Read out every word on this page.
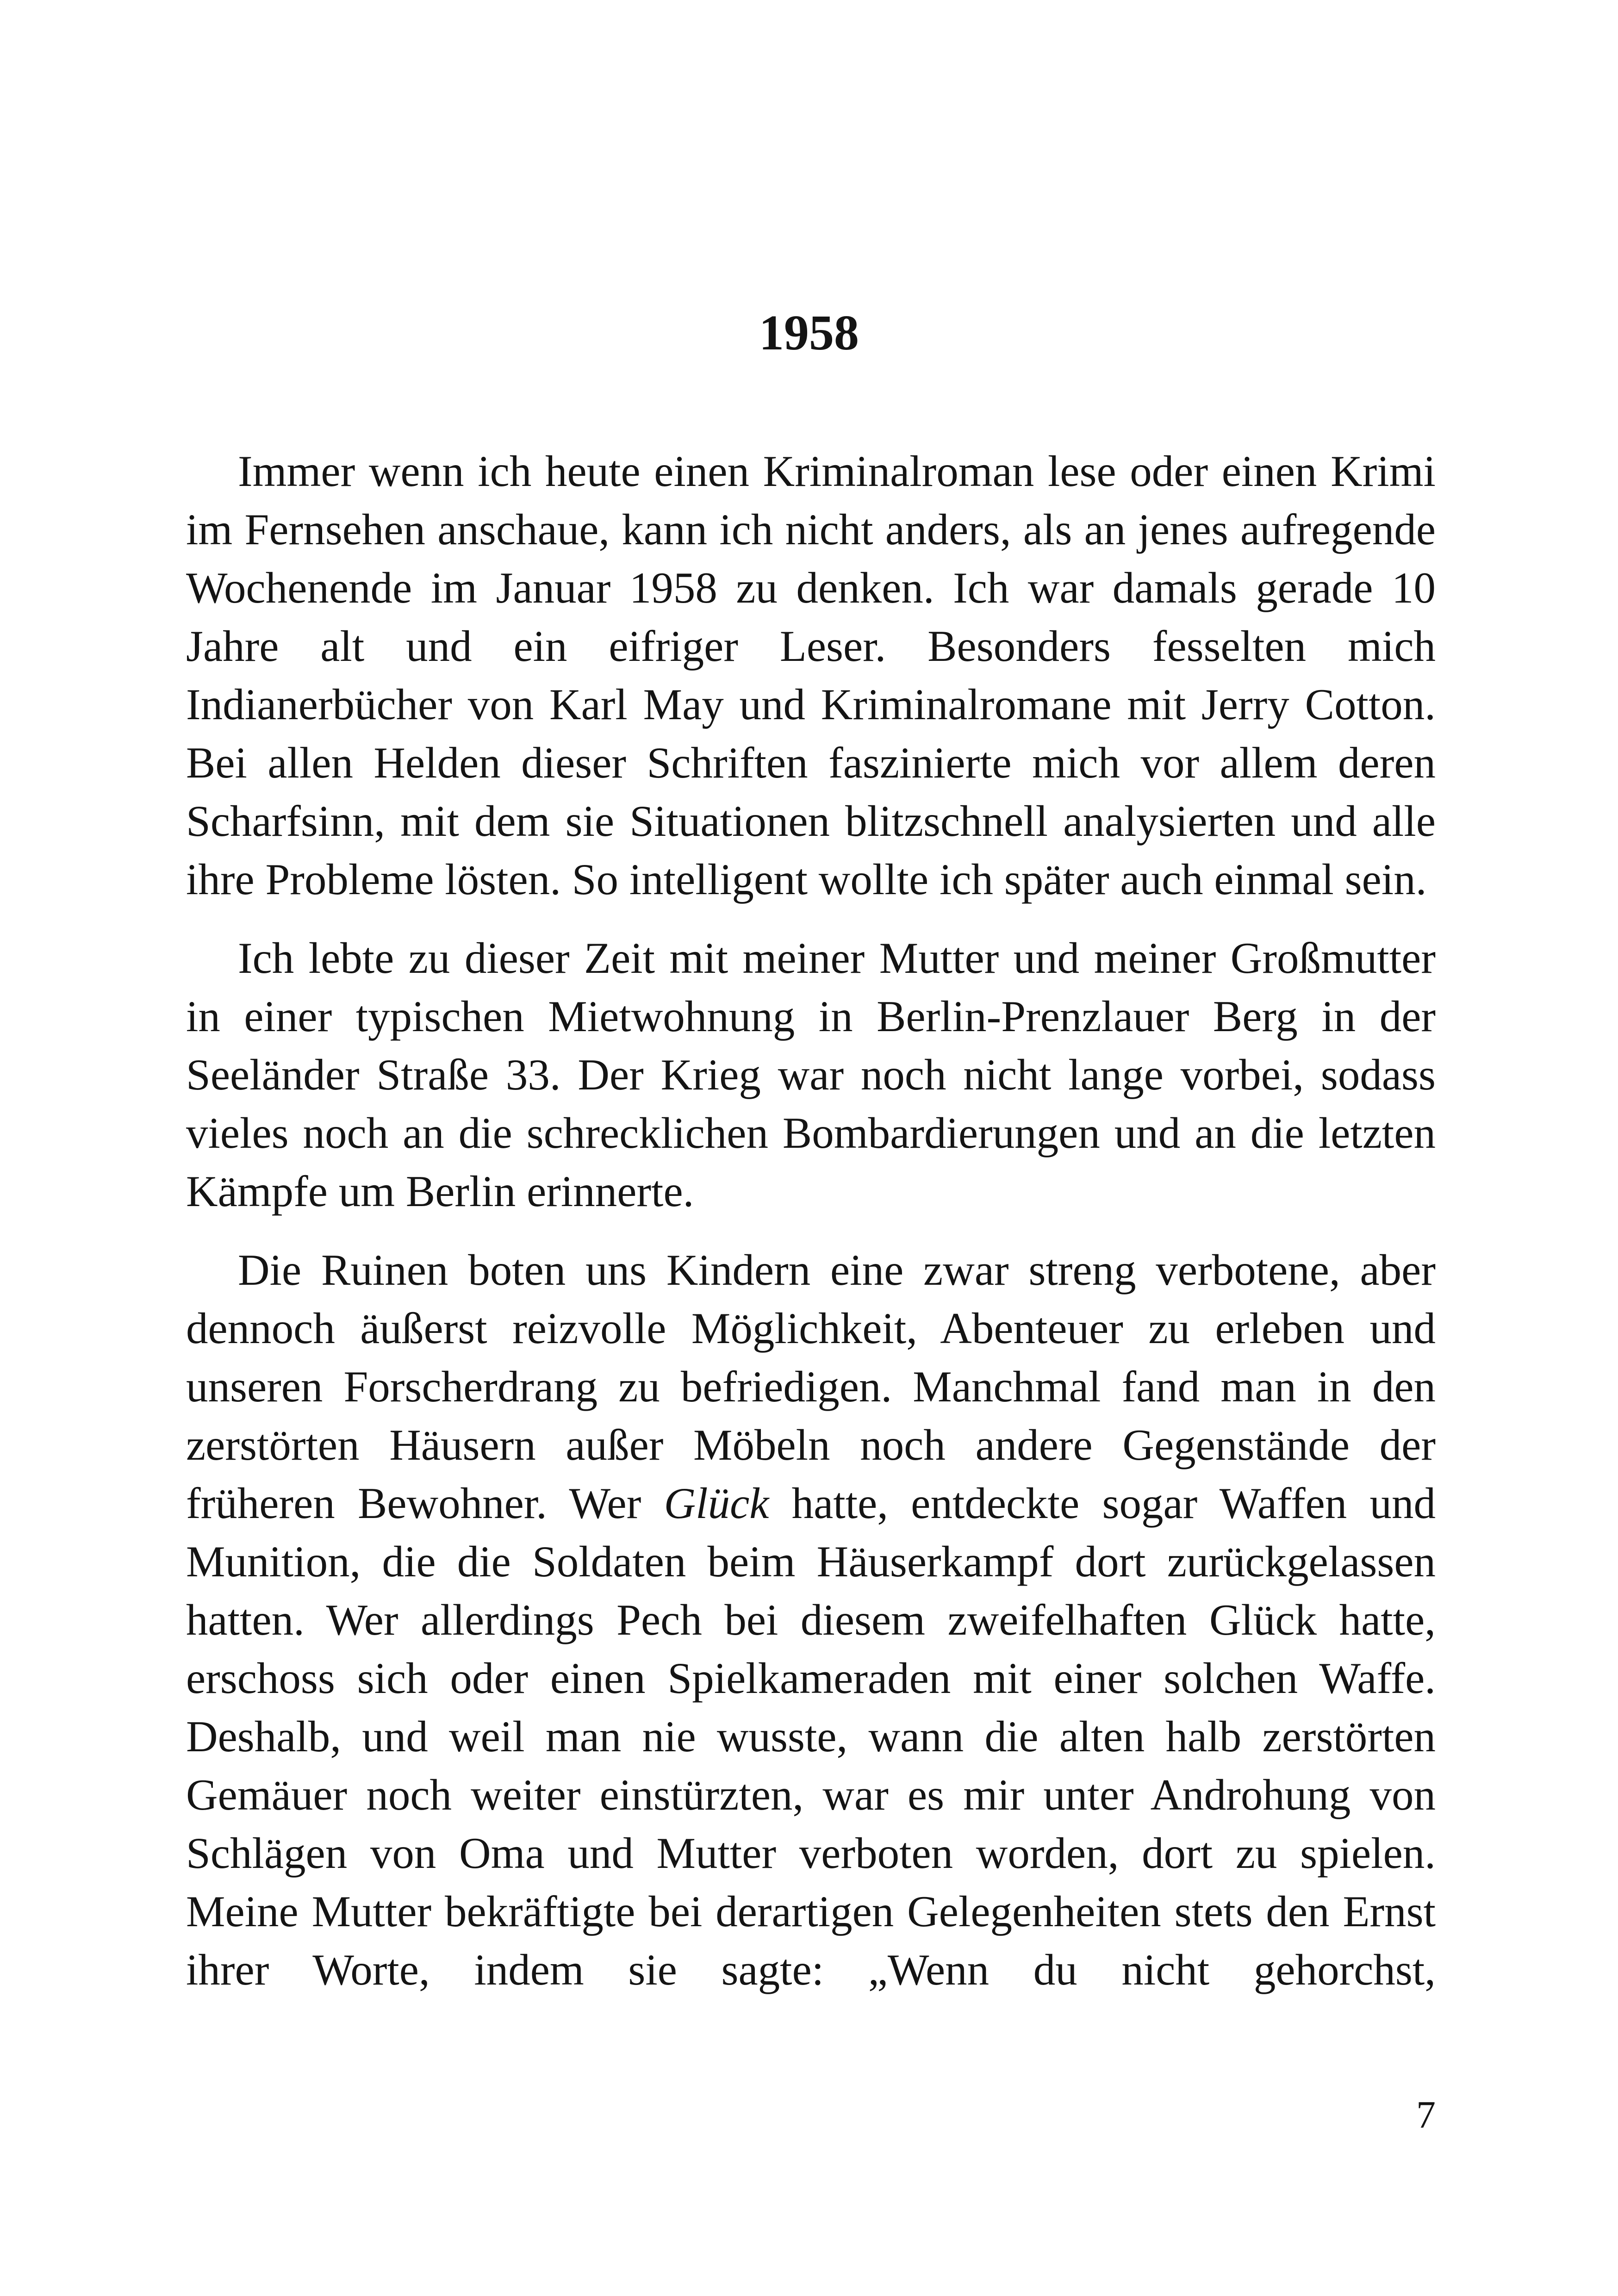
1958

Immer wenn ich heute einen Kriminalroman lese oder einen Krimi im Fernsehen anschaue, kann ich nicht anders, als an jenes aufregende Wochenende im Januar 1958 zu denken. Ich war damals gerade 10 Jahre alt und ein eifriger Leser. Besonders fesselten mich Indianerbücher von Karl May und Kriminalromane mit Jerry Cotton. Bei allen Helden dieser Schriften faszinierte mich vor allem deren Scharfsinn, mit dem sie Situationen blitzschnell analysierten und alle ihre Probleme lösten. So intelligent wollte ich später auch einmal sein.

Ich lebte zu dieser Zeit mit meiner Mutter und meiner Großmutter in einer typischen Mietwohnung in Berlin-Prenzlauer Berg in der Seeländer Straße 33. Der Krieg war noch nicht lange vorbei, sodass vieles noch an die schrecklichen Bombardierungen und an die letzten Kämpfe um Berlin erinnerte.

Die Ruinen boten uns Kindern eine zwar streng verbotene, aber dennoch äußerst reizvolle Möglichkeit, Abenteuer zu erleben und unseren Forscherdrang zu befriedigen. Manchmal fand man in den zerstörten Häusern außer Möbeln noch andere Gegenstände der früheren Bewohner. Wer Glück hatte, entdeckte sogar Waffen und Munition, die die Soldaten beim Häuserkampf dort zurückgelassen hatten. Wer allerdings Pech bei diesem zweifelhaften Glück hatte, erschoss sich oder einen Spielkameraden mit einer solchen Waffe. Deshalb, und weil man nie wusste, wann die alten halb zerstörten Gemäuer noch weiter einstürzten, war es mir unter Androhung von Schlägen von Oma und Mutter verboten worden, dort zu spielen. Meine Mutter bekräftigte bei derartigen Gelegenheiten stets den Ernst ihrer Worte, indem sie sagte: „Wenn du nicht gehorchst,

7
